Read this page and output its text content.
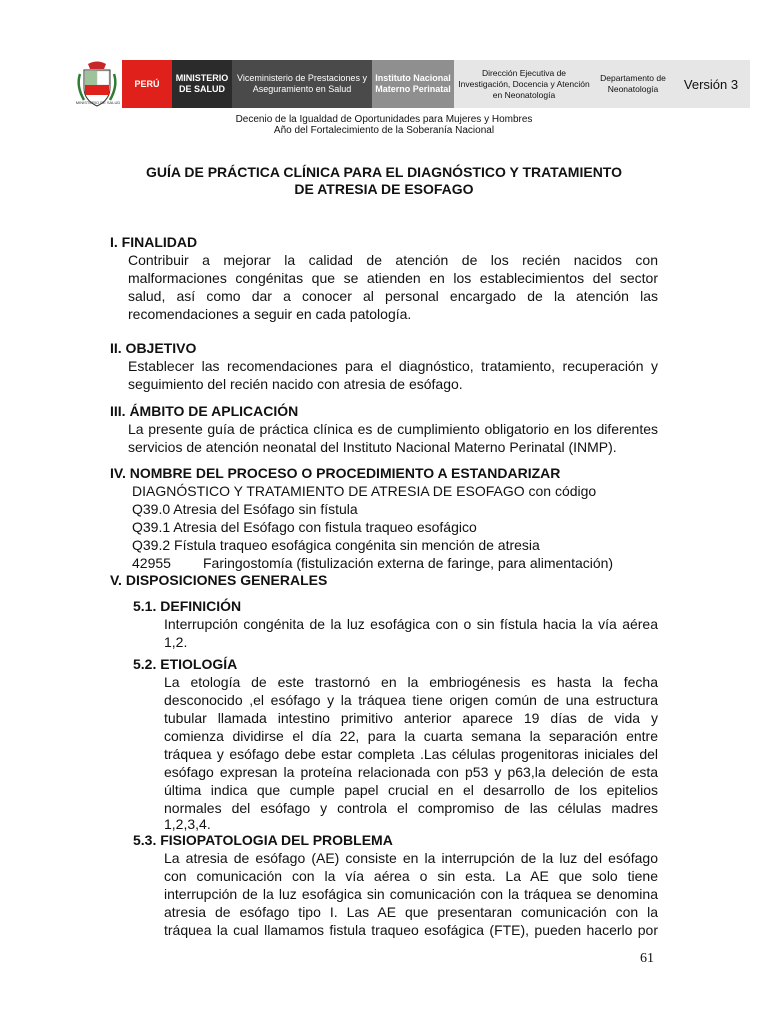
MINISTERIO DE SALUD
PERÚ
MINISTERIO DE SALUD
Viceministerio de Prestaciones y Aseguramiento en Salud
Instituto Nacional Materno Perinatal
Dirección Ejecutiva de Investigación, Docencia y Atención en Neonatología
Departamento de Neonatología	Versión 3
Decenio de la Igualdad de Oportunidades para Mujeres y Hombres
Año del Fortalecimiento de la Soberanía Nacional
GUÍA DE PRÁCTICA CLÍNICA PARA EL DIAGNÓSTICO Y TRATAMIENTO
DE ATRESIA DE ESOFAGO
I. FINALIDAD
Contribuir a mejorar la calidad de atención de los recién nacidos con
malformaciones congénitas que se atienden en los establecimientos del sector
salud, así como dar a conocer al personal encargado de la atención las
recomendaciones a seguir en cada patología.
II. OBJETIVO
Establecer las recomendaciones para el diagnóstico, tratamiento, recuperación y
seguimiento del recién nacido con atresia de esófago.
III. ÁMBITO DE APLICACIÓN
La presente guía de práctica clínica es de cumplimiento obligatorio en los diferentes
servicios de atención neonatal del Instituto Nacional Materno Perinatal (INMP).
IV. NOMBRE DEL PROCESO O PROCEDIMIENTO A ESTANDARIZAR
DIAGNÓSTICO Y TRATAMIENTO DE ATRESIA DE ESOFAGO con código
Q39.0 Atresia del Esófago sin fístula
Q39.1 Atresia del Esófago con fistula traqueo esofágico
Q39.2 Fístula traqueo esofágica congénita sin mención de atresia
42955 Faringostomía (fistulización externa de faringe, para alimentación)
V. DISPOSICIONES GENERALES
5.1. DEFINICIÓN
Interrupción congénita de la luz esofágica con o sin fístula hacia la vía aérea
1,2.
5.2. ETIOLOGÍA
La etología de este trastornó en la embriogénesis es hasta la fecha
desconocido ,el esófago y la tráquea tiene origen común de una estructura
tubular llamada intestino primitivo anterior aparece 19 días de vida y
comienza dividirse el día 22, para la cuarta semana la separación entre
tráquea y esófago debe estar completa .Las células progenitoras iniciales del
esófago expresan la proteína relacionada con p53 y p63,la deleción de esta
última indica que cumple papel crucial en el desarrollo de los epitelios
normales del esófago y controla el compromiso de las células madres
1,2,3,4.
5.3. FISIOPATOLOGIA DEL PROBLEMA
La atresia de esófago (AE) consiste en la interrupción de la luz del esófago
con comunicación con la vía aérea o sin esta. La AE que solo tiene
interrupción de la luz esofágica sin comunicación con la tráquea se denomina
atresia de esófago tipo I. Las AE que presentaran comunicación con la
tráquea la cual llamamos fistula traqueo esofágica (FTE), pueden hacerlo por
61
